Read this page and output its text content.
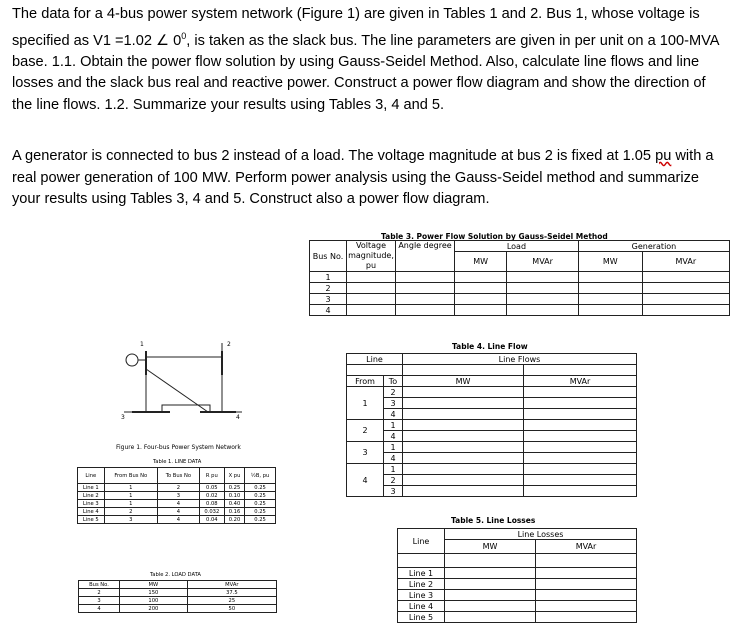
The data for a 4-bus power system network (Figure 1) are given in Tables 1 and 2. Bus 1, whose voltage is specified as V1 =1.02 ∠ $0^0$, is taken as the slack bus. The line parameters are given in per unit on a 100-MVA base. 1.1. Obtain the power flow solution by using Gauss-Seidel Method. Also, calculate line flows and line losses and the slack bus real and reactive power. Construct a power flow diagram and show the direction of the line flows. 1.2. Summarize your results using Tables 3, 4 and 5.
A generator is connected to bus 2 instead of a load. The voltage magnitude at bus 2 is fixed at 1.05 pu with a real power generation of 100 MW. Perform power analysis using the Gauss-Seidel method and summarize your results using Tables 3, 4 and 5. Construct also a power flow diagram.
Table 3. Power Flow Solution by Gauss-Seidel Method
Bus No.	Voltage magnitude, pu	Angle degree	Load		Generation	
			MW	MVAr	MW	MVAr
1						
2						
3						
4						
1	2
3	4
Figure 1. Four-bus Power System Network
Table 1. LINE DATA
Line	From Bus No	To Bus No	R pu	X pu	½B, pu
Line 1	1	2	0.05	0.25	0.25
Line 2	1	3	0.02	0.10	0.25
Line 3	1	4	0.08	0.40	0.25
Line 4	2	4	0.032	0.16	0.25
Line 5	3	4	0.04	0.20	0.25
Table 2. LOAD DATA
Bus No.	MW	MVAr
2	150	37.5
3	100	25
4	200	50
Table 4. Line Flow
Line		Line Flows	

From	To	MW	MVAr
1	2		
	3		
	4		
2	1		
	4		
3	1		
	4		
4	1		
	2		
	3		
Table 5. Line Losses
Line	Line Losses	
	MW	MVAr

Line 1		
Line 2		
Line 3		
Line 4		
Line 5		
